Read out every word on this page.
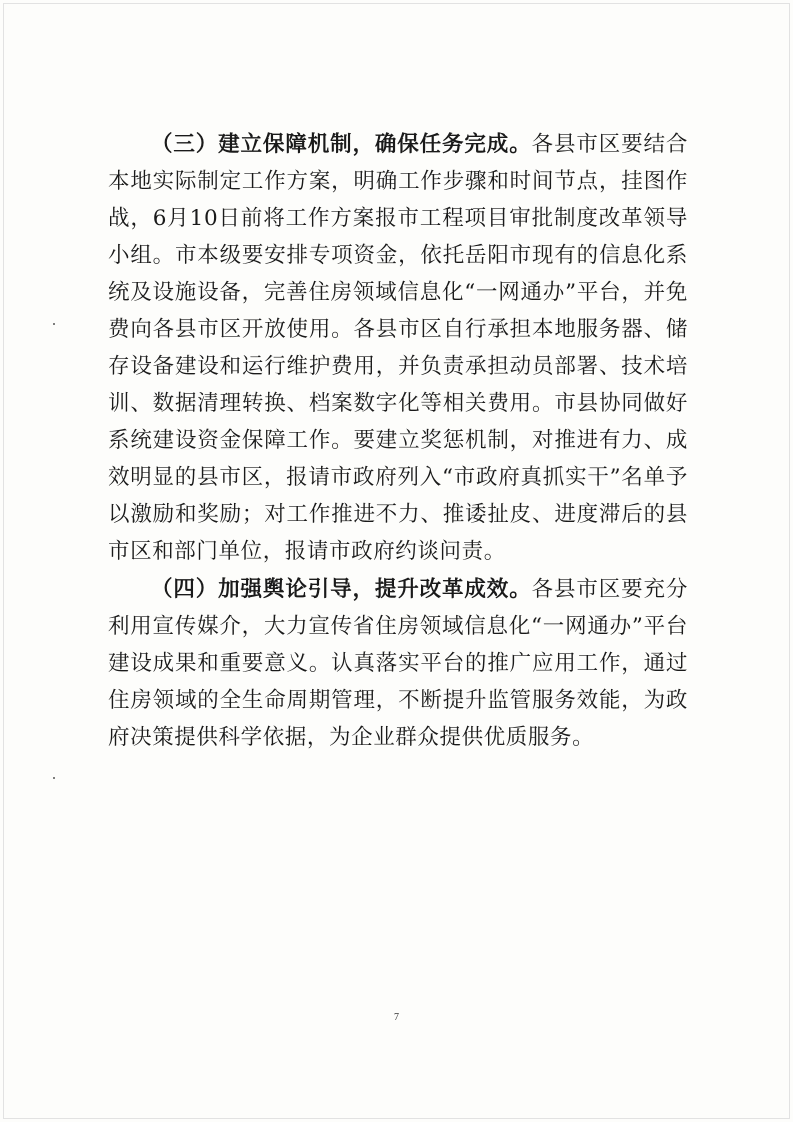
（三）建立保障机制，确保任务完成。各县市区要结合本地实际制定工作方案，明确工作步骤和时间节点，挂图作战，6月10日前将工作方案报市工程项目审批制度改革领导小组。市本级要安排专项资金，依托岳阳市现有的信息化系统及设施设备，完善住房领域信息化“一网通办”平台，并免费向各县市区开放使用。各县市区自行承担本地服务器、储存设备建设和运行维护费用，并负责承担动员部署、技术培训、数据清理转换、档案数字化等相关费用。市县协同做好系统建设资金保障工作。要建立奖惩机制，对推进有力、成效明显的县市区，报请市政府列入“市政府真抓实干”名单予以激励和奖励；对工作推进不力、推诿扯皮、进度滞后的县市区和部门单位，报请市政府约谈问责。

（四）加强舆论引导，提升改革成效。各县市区要充分利用宣传媒介，大力宣传省住房领域信息化“一网通办”平台建设成果和重要意义。认真落实平台的推广应用工作，通过住房领域的全生命周期管理，不断提升监管服务效能，为政府决策提供科学依据，为企业群众提供优质服务。

7
